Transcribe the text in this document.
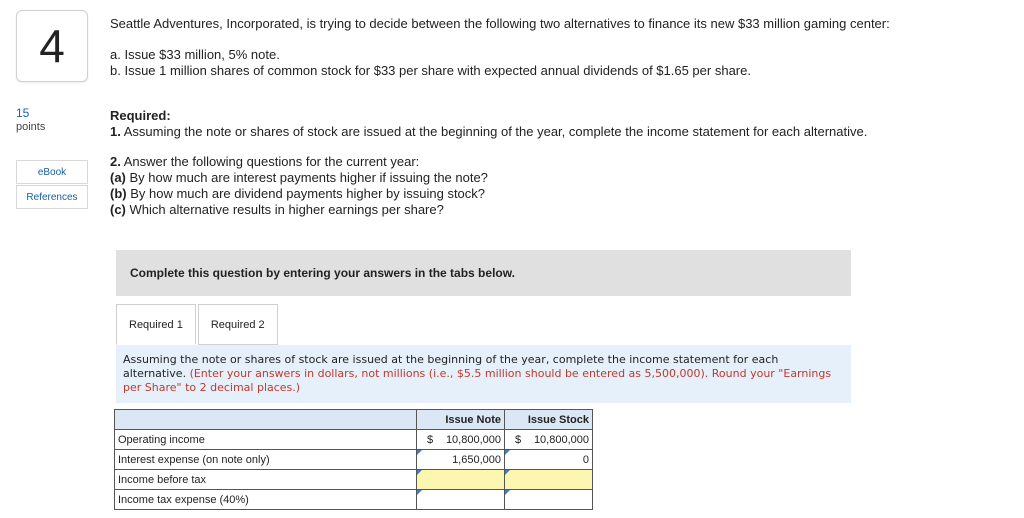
4
15
points
eBook
References
Seattle Adventures, Incorporated, is trying to decide between the following two alternatives to finance its new $33 million gaming center:
a. Issue $33 million, 5% note.
b. Issue 1 million shares of common stock for $33 per share with expected annual dividends of $1.65 per share.
Required:
1. Assuming the note or shares of stock are issued at the beginning of the year, complete the income statement for each alternative.
2. Answer the following questions for the current year:
(a) By how much are interest payments higher if issuing the note?
(b) By how much are dividend payments higher by issuing stock?
(c) Which alternative results in higher earnings per share?
Complete this question by entering your answers in the tabs below.
Required 1	Required 2
Assuming the note or shares of stock are issued at the beginning of the year, complete the income statement for each alternative. (Enter your answers in dollars, not millions (i.e., $5.5 million should be entered as 5,500,000). Round your "Earnings per Share" to 2 decimal places.)
	Issue Note	Issue Stock
Operating income	$ 10,800,000	$ 10,800,000
Interest expense (on note only)	1,650,000	0
Income before tax	

Income tax expense (40%)	
